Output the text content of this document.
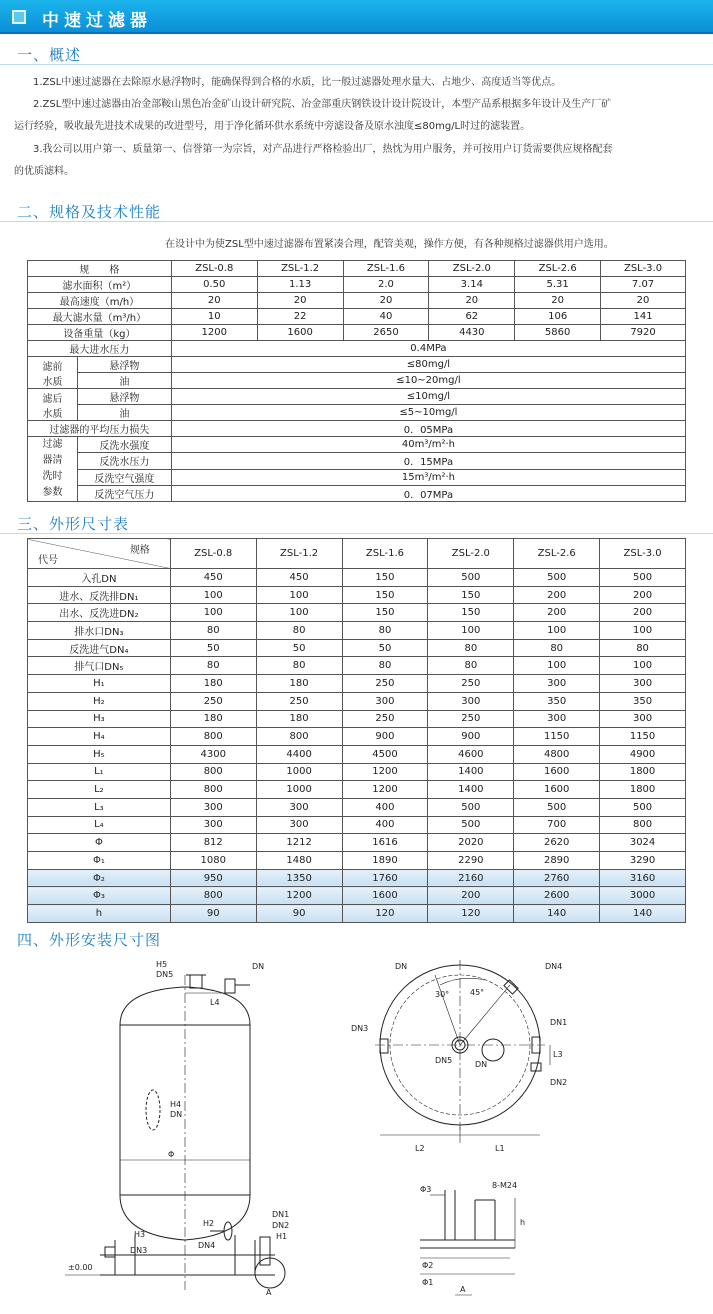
中速过滤器
一、概述
1.ZSL中速过滤器在去除原水悬浮物时，能确保得到合格的水质，比一般过滤器处理水量大、占地少、高度适当等优点。
2.ZSL型中速过滤器由冶金部鞍山黑色冶金矿山设计研究院、冶金部重庆钢铁设计设计院设计，本型产品系根据多年设计及生产厂矿
运行经验，吸收最先进技术成果的改进型号，用于净化循环供水系统中旁滤设备及原水浊度≤80mg/L时过的滤装置。
3.我公司以用户第一、质量第一、信誉第一为宗旨，对产品进行严格检验出厂，热忱为用户服务，并可按用户订货需要供应规格配套
的优质滤料。
二、规格及技术性能
在设计中为使ZSL型中速过滤器布置紧凑合理，配管美观，操作方便，有各种规格过滤器供用户选用。
规　　格		ZSL-0.8	ZSL-1.2	ZSL-1.6	ZSL-2.0	ZSL-2.6	ZSL-3.0
滤水面积（m²）		0.50	1.13	2.0	3.14	5.31	7.07
最高速度（m/h）		20	20	20	20	20	20
最大滤水量（m³/h）		10	22	40	62	106	141
设备重量（kg）		1200	1600	2650	4430	5860	7920
最大进水压力		0.4MPa					
滤前
水质	悬浮物	≤80mg/l					
	油	≤10~20mg/l					
滤后
水质	悬浮物	≤10mg/l					
	油	≤5~10mg/l					
过滤器的平均压力损失		0．05MPa					
过滤
器清
洗时
参数	反洗水强度	40m³/m²·h					
	反洗水压力	0．15MPa					
	反洗空气强度	15m³/m²·h					
	反洗空气压力	0．07MPa					
三、外形尺寸表
规格
代号	ZSL-0.8	ZSL-1.2	ZSL-1.6	ZSL-2.0	ZSL-2.6	ZSL-3.0
入孔DN	450	450	150	500	500	500
进水、反洗排DN₁	100	100	150	150	200	200
出水、反洗进DN₂	100	100	150	150	200	200
排水口DN₃	80	80	80	100	100	100
反洗进气DN₄	50	50	50	80	80	80
排气口DN₅	80	80	80	80	100	100
H₁	180	180	250	250	300	300
H₂	250	250	300	300	350	350
H₃	180	180	250	250	300	300
H₄	800	800	900	900	1150	1150
H₅	4300	4400	4500	4600	4800	4900
L₁	800	1000	1200	1400	1600	1800
L₂	800	1000	1200	1400	1600	1800
L₃	300	300	400	500	500	500
L₄	300	300	400	500	700	800
Φ	812	1212	1616	2020	2620	3024
Φ₁	1080	1480	1890	2290	2890	3290
Φ₂	950	1350	1760	2160	2760	3160
Φ₃	800	1200	1600	200	2600	3000
h	90	90	120	120	140	140
四、外形安装尺寸图
H5
DN5
DN
L4
H4
DN
Φ
H2
DN4
H3
DN3
DN1
DN2
H1
±0.00
A
DN	DN4
30°	45°
DN3
DN1
DN5	DN
L3
DN2
L2	L1
Φ3	8-M24
h
Φ2
Φ1
A
